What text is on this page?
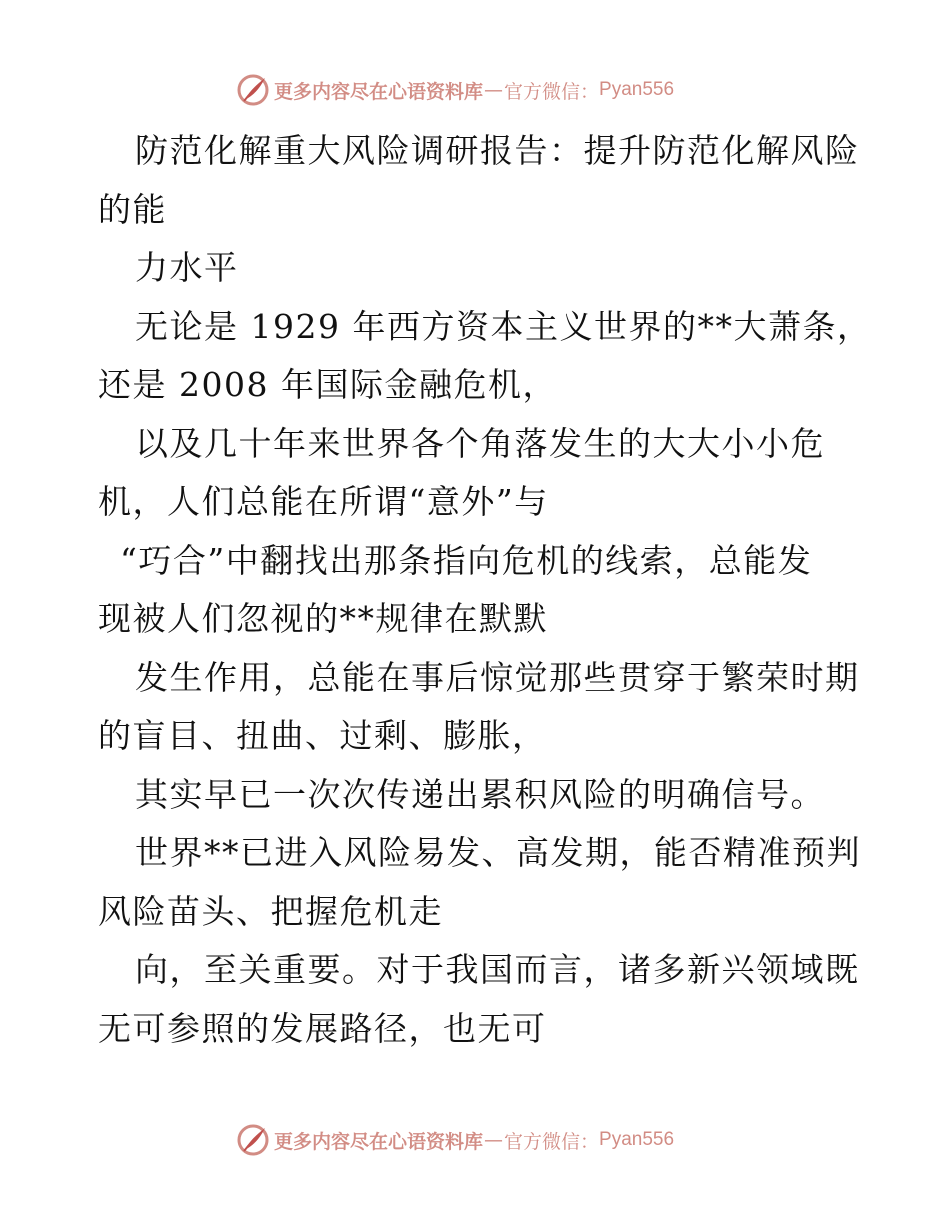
更多内容尽在心语资料库 — 官方微信： Pyan556

防范化解重大风险调研报告：提升防范化解风险
的能

力水平

无论是 1929 年西方资本主义世界的**大萧条，
还是 2008 年国际金融危机，

以及几十年来世界各个角落发生的大大小小危
机，人们总能在所谓“意外”与

“巧合”中翻找出那条指向危机的线索，总能发
现被人们忽视的**规律在默默

发生作用，总能在事后惊觉那些贯穿于繁荣时期
的盲目、扭曲、过剩、膨胀，

其实早已一次次传递出累积风险的明确信号。

世界**已进入风险易发、高发期，能否精准预判
风险苗头、把握危机走

向，至关重要。对于我国而言，诸多新兴领域既
无可参照的发展路径，也无可

更多内容尽在心语资料库 — 官方微信： Pyan556
